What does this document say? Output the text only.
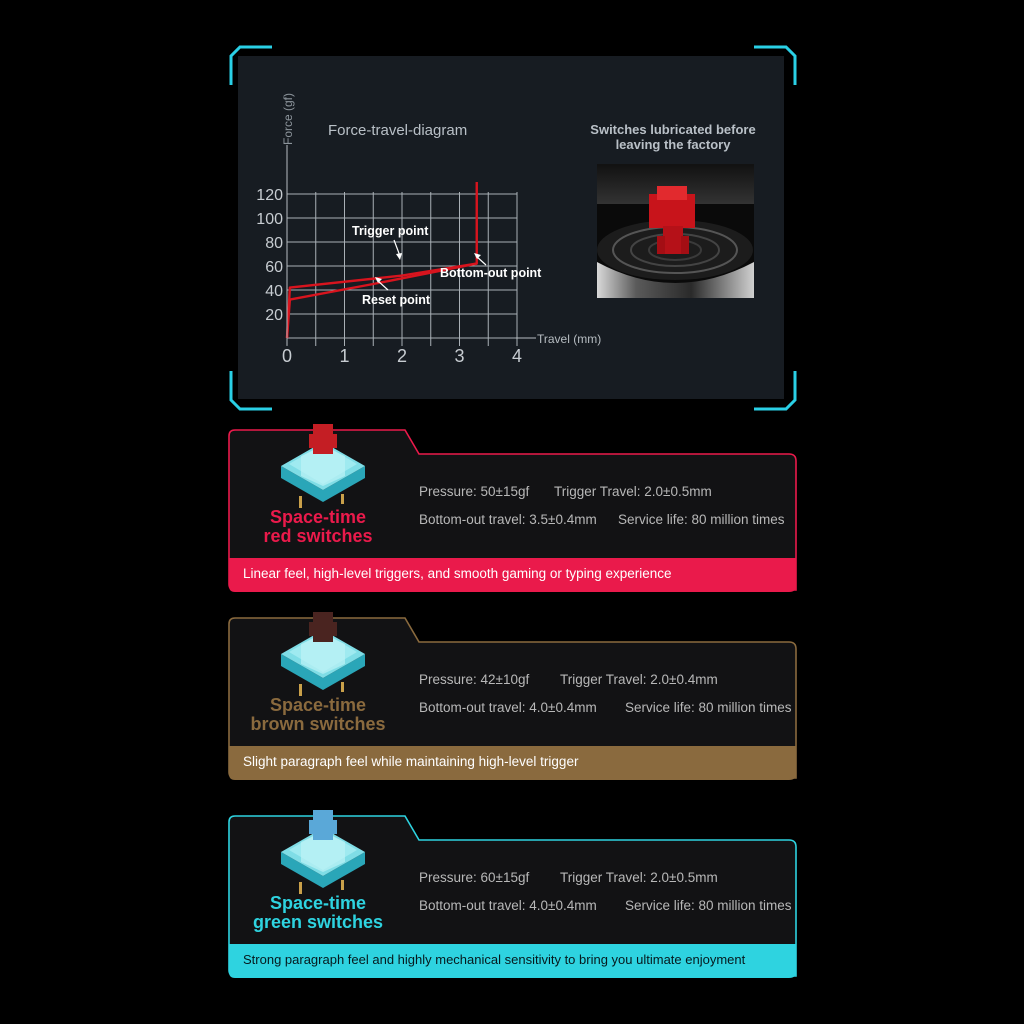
Force-travel-diagram
120
100
80
60
40
20
0	1	2	3	4
Force (gf)
Travel (mm)
Trigger point
Bottom-out point
Reset point
Switches lubricated before
leaving the factory
Space-time
red switches
Pressure: 50±15gf Trigger Travel: 2.0±0.5mm
Bottom-out travel: 3.5±0.4mm Service life: 80 million times
Linear feel, high-level triggers, and smooth gaming or typing experience
Space-time
brown switches
Pressure: 42±10gf Trigger Travel: 2.0±0.4mm
Bottom-out travel: 4.0±0.4mm Service life: 80 million times
Slight paragraph feel while maintaining high-level trigger
Space-time
green switches
Pressure: 60±15gf Trigger Travel: 2.0±0.5mm
Bottom-out travel: 4.0±0.4mm Service life: 80 million times
Strong paragraph feel and highly mechanical sensitivity to bring you ultimate enjoyment
